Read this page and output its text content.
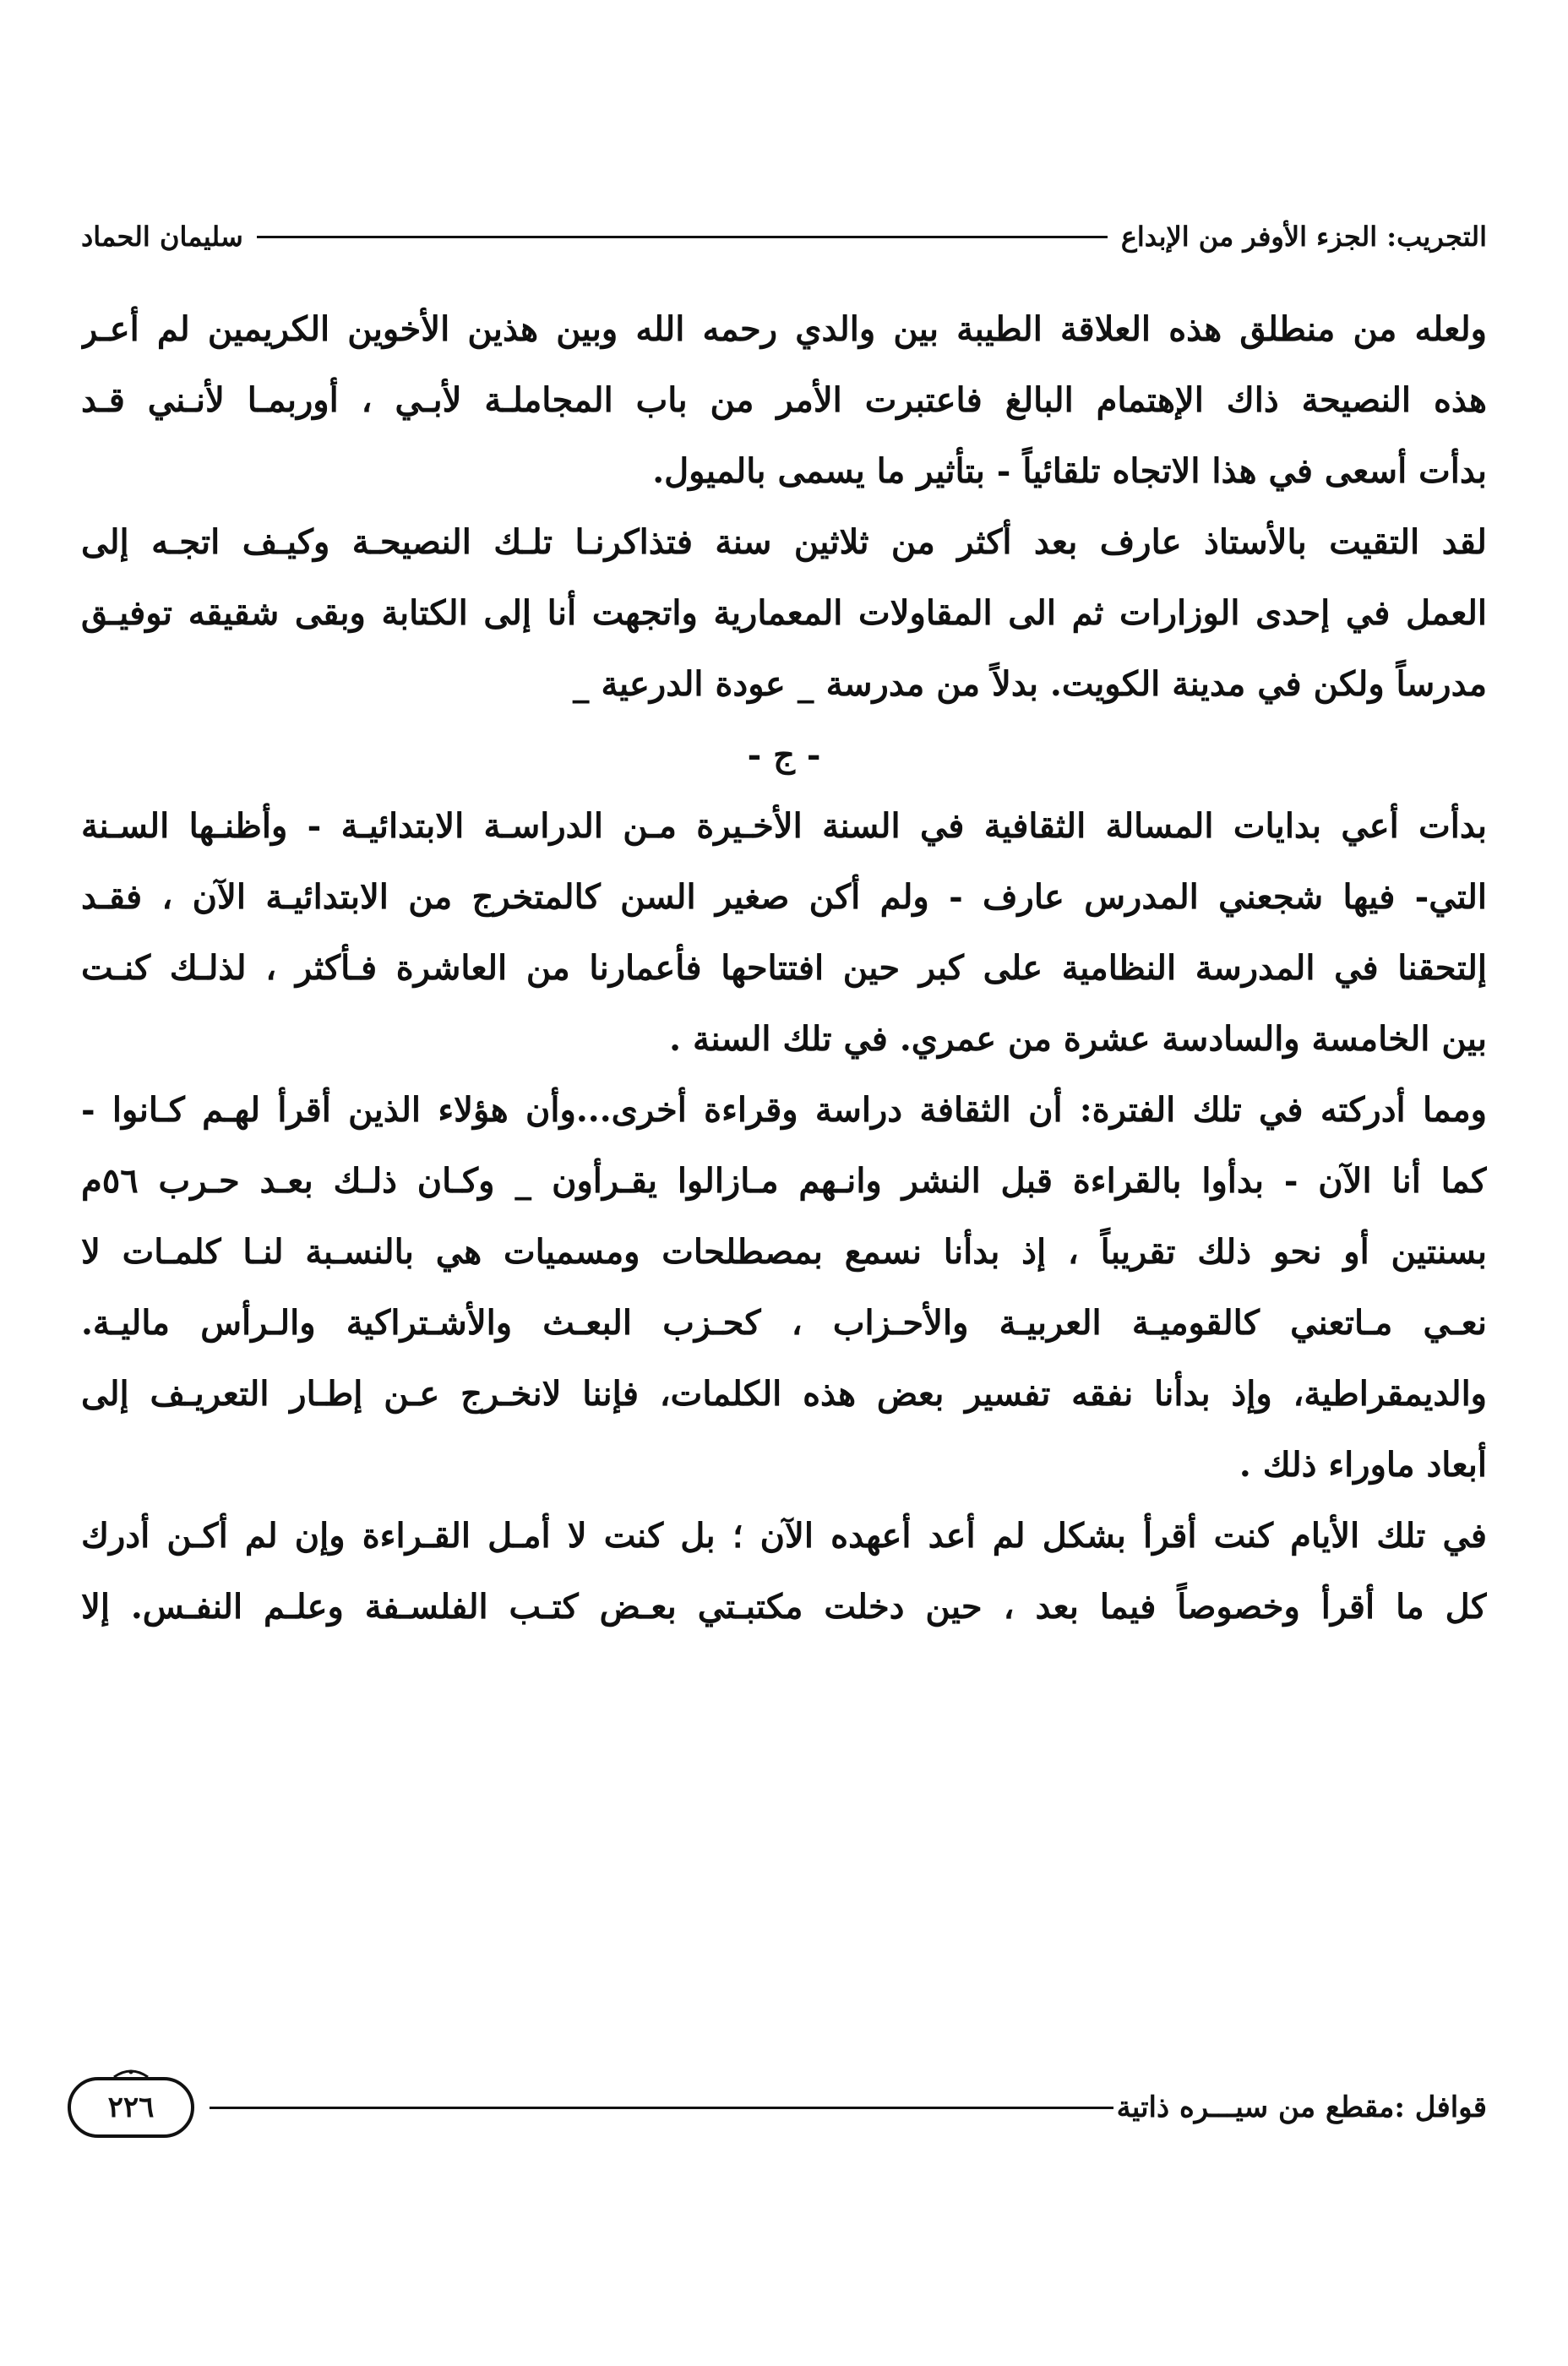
التجريب: الجزء الأوفر من الإبداع
سليمان الحماد
ولعله من منطلق هذه العلاقة الطيبة بين والدي رحمه الله وبين هذين الأخوين الكريمين لم أعـر
هذه النصيحة ذاك الإهتمام البالغ فاعتبرت الأمر من باب المجاملـة لأبـي ، أوربمـا لأنـني قـد
بدأت أسعى في هذا الاتجاه تلقائياً - بتأثير ما يسمى بالميول.
لقد التقيت بالأستاذ عارف بعد أكثر من ثلاثين سنة فتذاكرنـا تلـك النصيحـة وكيـف اتجـه إلى
العمل في إحدى الوزارات ثم الى المقاولات المعمارية واتجهت أنا إلى الكتابة وبقى شقيقه توفيـق
مدرساً ولكن في مدينة الكويت. بدلاً من مدرسة _ عودة الدرعية _
- ج -
بدأت أعي بدايات المسالة الثقافية في السنة الأخـيرة مـن الدراسـة الابتدائيـة - وأظنـها السـنة
التي- فيها شجعني المدرس عارف - ولم أكن صغير السن كالمتخرج من الابتدائيـة الآن ، فقـد
إلتحقنا في المدرسة النظامية على كبر حين افتتاحها فأعمارنا من العاشرة فـأكثر ، لذلـك كنـت
بين الخامسة والسادسة عشرة من عمري. في تلك السنة .
ومما أدركته في تلك الفترة: أن الثقافة دراسة وقراءة أخرى...وأن هؤلاء الذين أقرأ لهـم كـانوا -
كما أنا الآن - بدأوا بالقراءة قبل النشر وانـهم مـازالوا يقـرأون _ وكـان ذلـك بعـد حـرب ٥٦م
بسنتين أو نحو ذلك تقريباً ، إذ بدأنا نسمع بمصطلحات ومسميات هي بالنسـبة لنـا كلمـات لا
نعـي مـاتعني كالقوميـة العربيـة والأحـزاب ، كحـزب البعـث والأشـتراكية والـرأس ماليـة.
والديمقراطية، وإذ بدأنا نفقه تفسير بعض هذه الكلمات، فإننا لانخـرج عـن إطـار التعريـف إلى
أبعاد ماوراء ذلك .
في تلك الأيام كنت أقرأ بشكل لم أعد أعهده الآن ؛ بل كنت لا أمـل القـراءة وإن لم أكـن أدرك
كل ما أقرأ وخصوصاً فيما بعد ، حين دخلت مكتبـتي بعـض كتـب الفلسـفة وعلـم النفـس. إلا
قوافل :مقطع من سيـــره ذاتية
٢٢٦
